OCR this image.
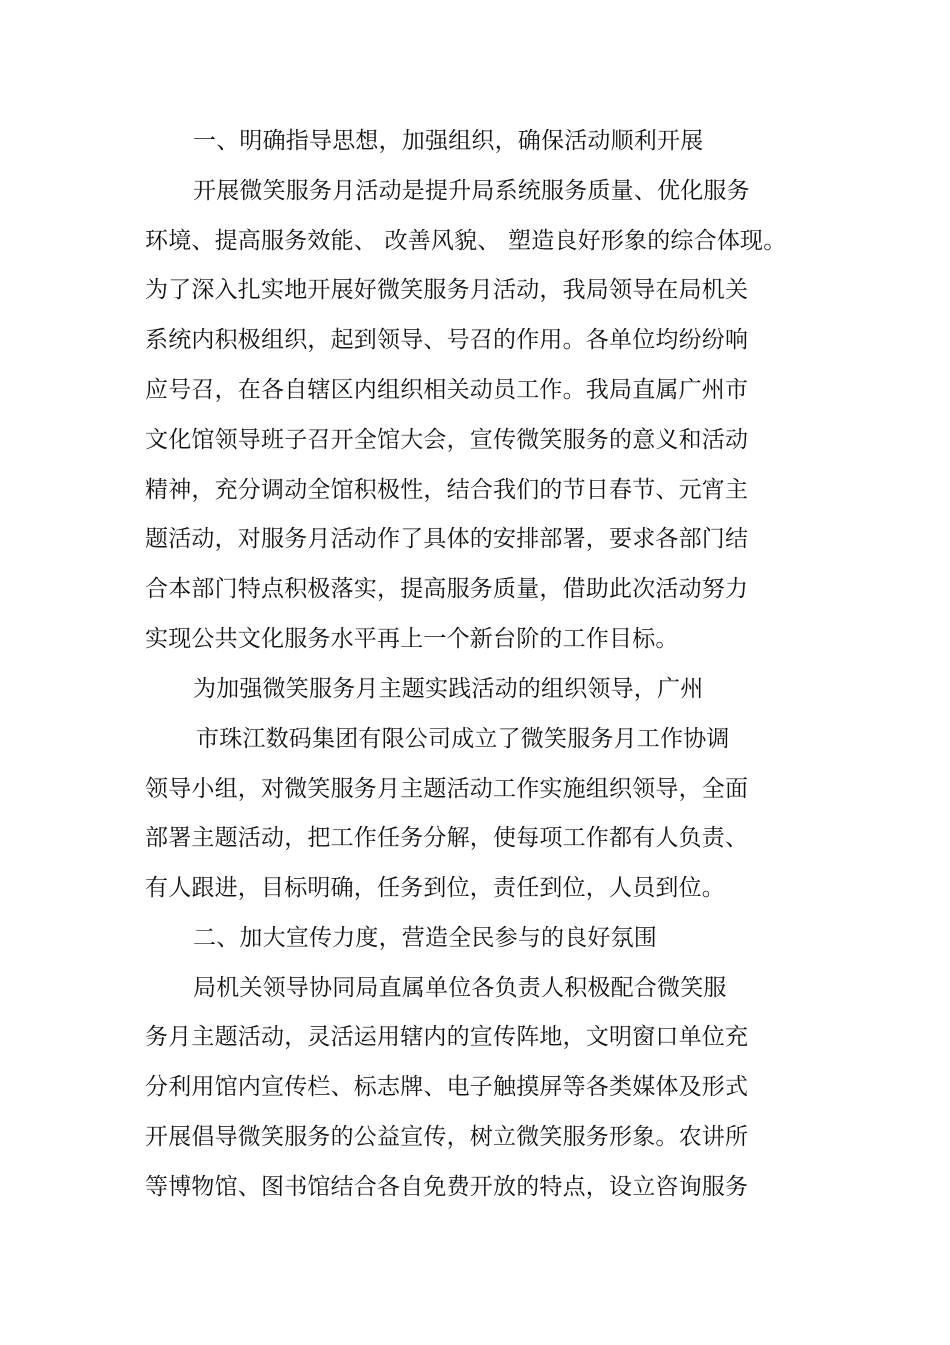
一、明确指导思想，加强组织，确保活动顺利开展
开展微笑服务月活动是提升局系统服务质量、优化服务
环境、提高服务效能、 改善风貌、 塑造良好形象的综合体现。
为了深入扎实地开展好微笑服务月活动，我局领导在局机关
系统内积极组织，起到领导、号召的作用。各单位均纷纷响
应号召，在各自辖区内组织相关动员工作。我局直属广州市
文化馆领导班子召开全馆大会，宣传微笑服务的意义和活动
精神，充分调动全馆积极性，结合我们的节日春节、元宵主
题活动，对服务月活动作了具体的安排部署，要求各部门结
合本部门特点积极落实，提高服务质量，借助此次活动努力
实现公共文化服务水平再上一个新台阶的工作目标。
为加强微笑服务月主题实践活动的组织领导，广州
市珠江数码集团有限公司成立了微笑服务月工作协调
领导小组，对微笑服务月主题活动工作实施组织领导，全面
部署主题活动，把工作任务分解，使每项工作都有人负责、
有人跟进，目标明确，任务到位，责任到位，人员到位。
二、加大宣传力度，营造全民参与的良好氛围
局机关领导协同局直属单位各负责人积极配合微笑服
务月主题活动，灵活运用辖内的宣传阵地，文明窗口单位充
分利用馆内宣传栏、标志牌、电子触摸屏等各类媒体及形式
开展倡导微笑服务的公益宣传，树立微笑服务形象。农讲所
等博物馆、图书馆结合各自免费开放的特点，设立咨询服务
